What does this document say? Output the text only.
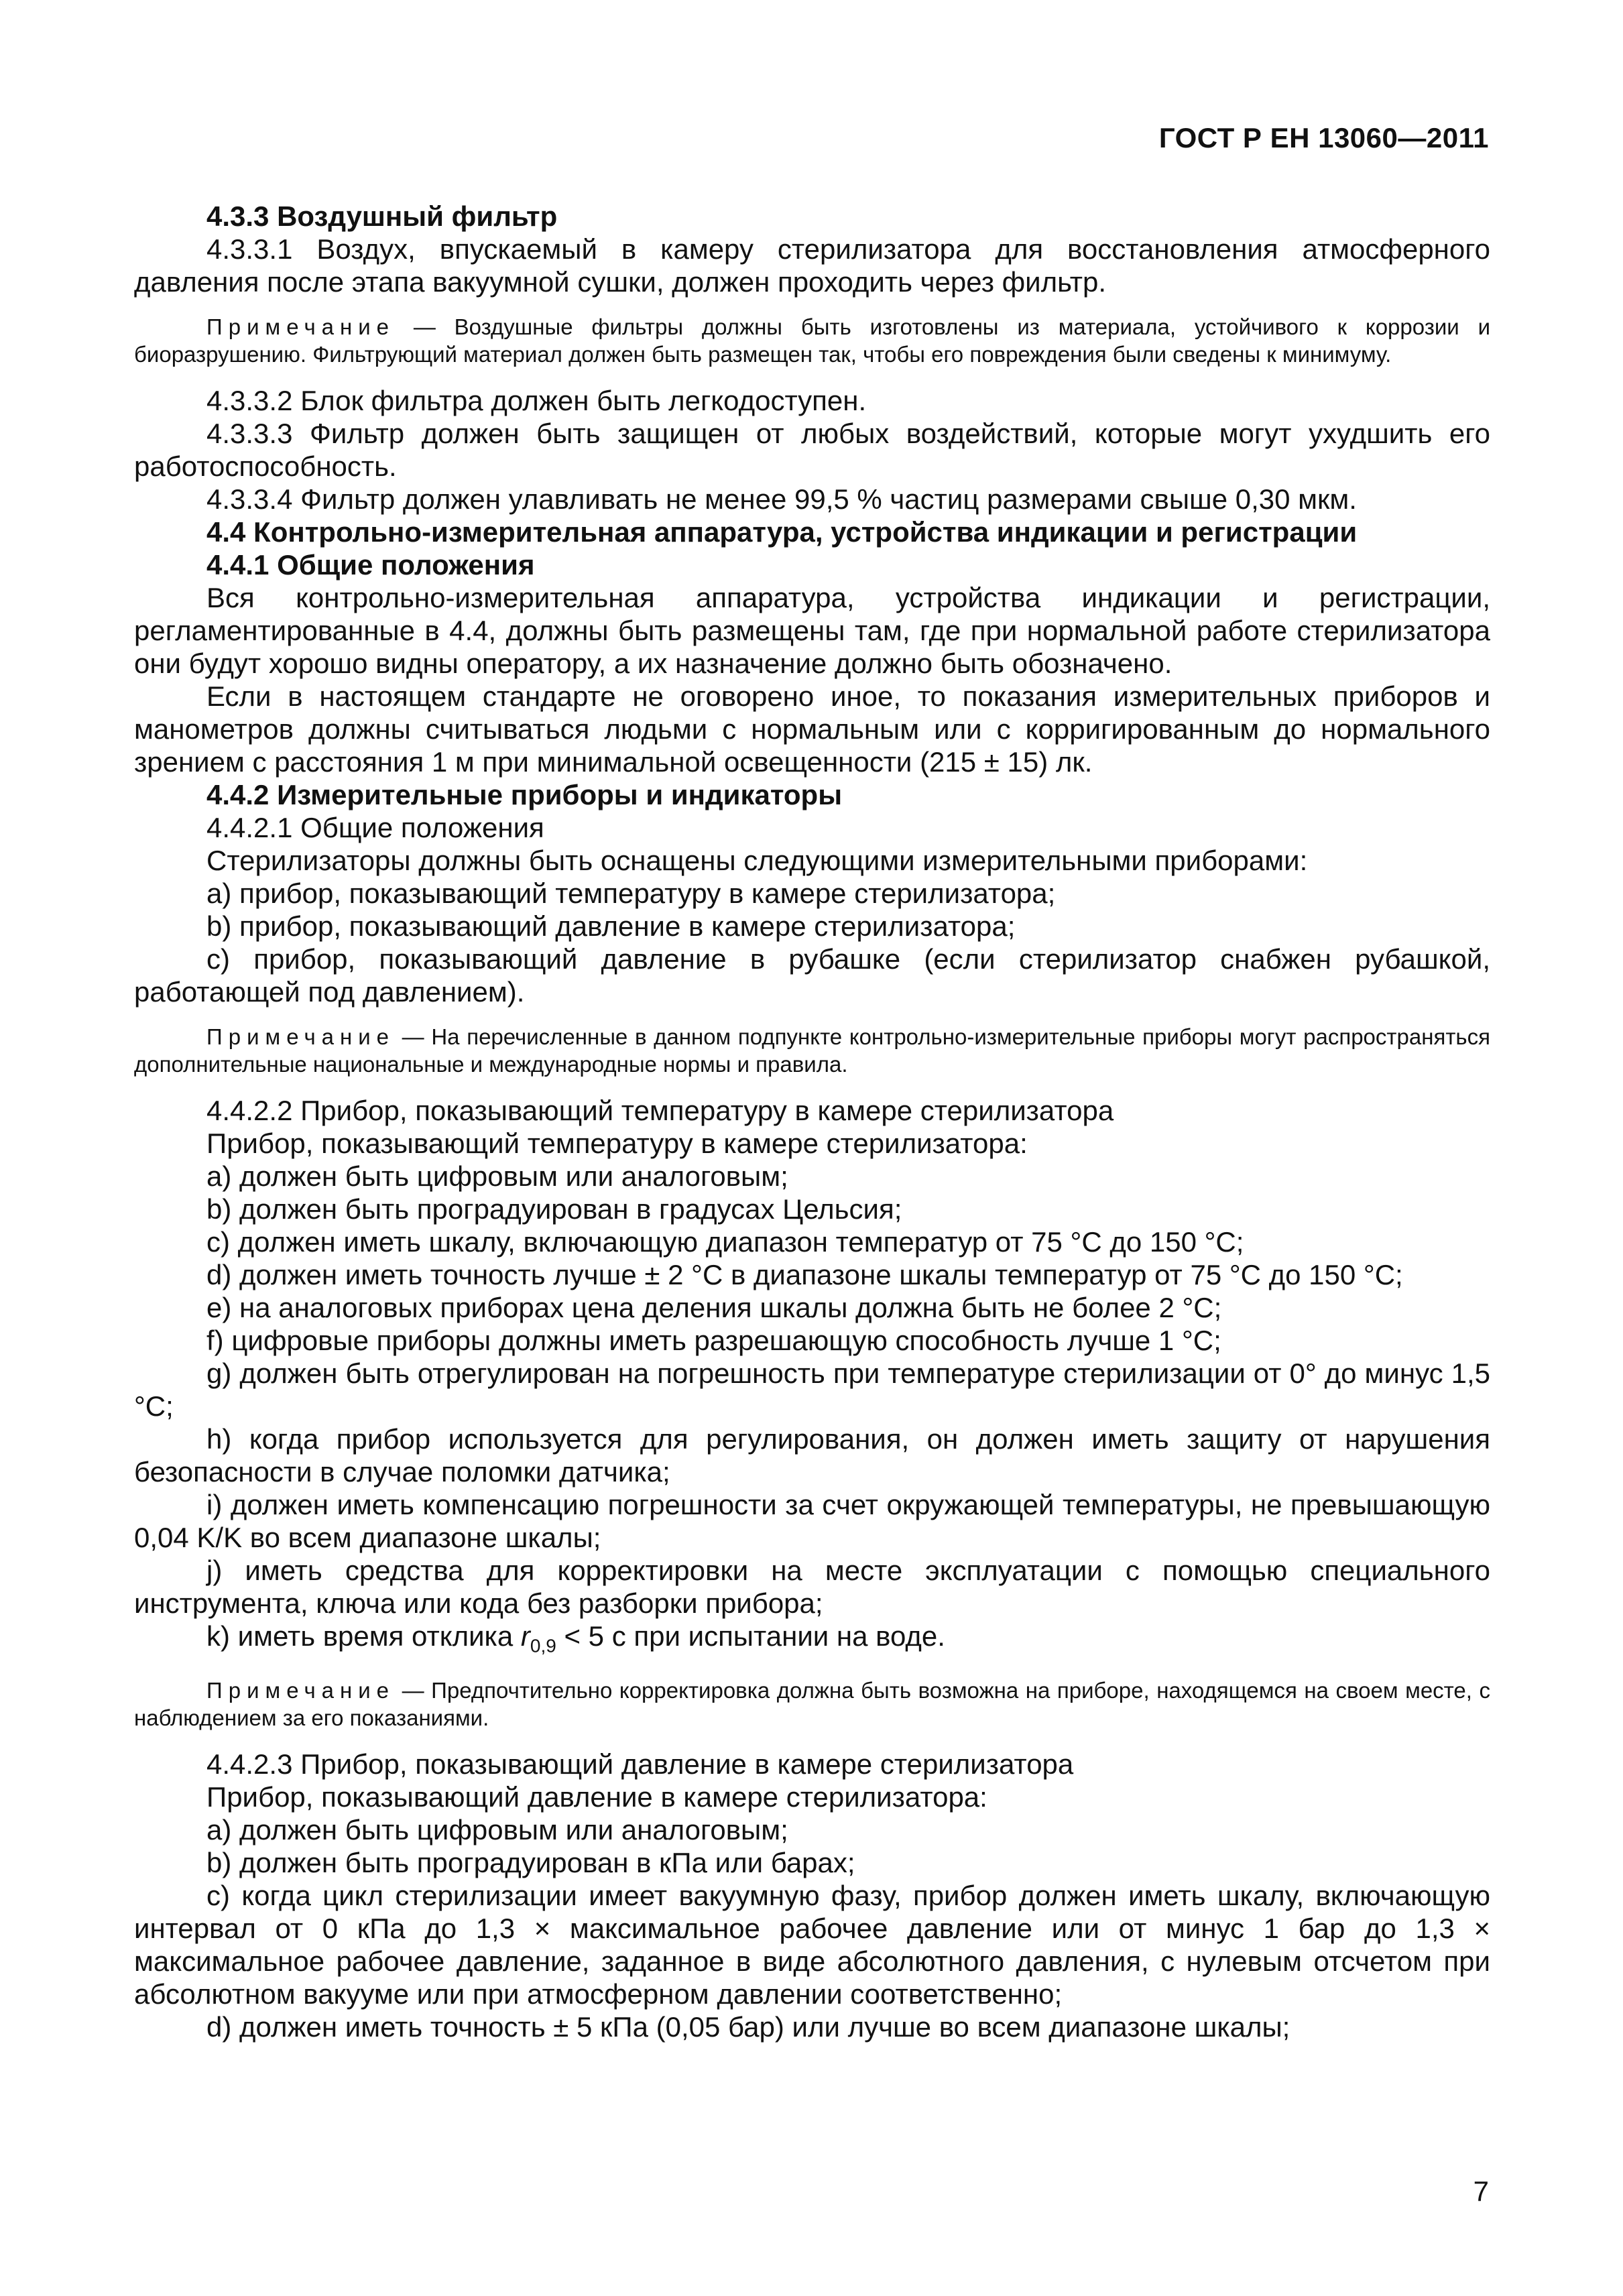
ГОСТ Р ЕН 13060—2011

4.3.3 Воздушный фильтр

4.3.3.1 Воздух, впускаемый в камеру стерилизатора для восстановления атмосферного давления после этапа вакуумной сушки, должен проходить через фильтр.

Примечание — Воздушные фильтры должны быть изготовлены из материала, устойчивого к коррозии и биоразрушению. Фильтрующий материал должен быть размещен так, чтобы его повреждения были сведены к минимуму.

4.3.3.2 Блок фильтра должен быть легкодоступен.

4.3.3.3 Фильтр должен быть защищен от любых воздействий, которые могут ухудшить его работоспособность.

4.3.3.4 Фильтр должен улавливать не менее 99,5 % частиц размерами свыше 0,30 мкм.

4.4 Контрольно-измерительная аппаратура, устройства индикации и регистрации

4.4.1 Общие положения

Вся контрольно-измерительная аппаратура, устройства индикации и регистрации, регламентированные в 4.4, должны быть размещены там, где при нормальной работе стерилизатора они будут хорошо видны оператору, а их назначение должно быть обозначено.

Если в настоящем стандарте не оговорено иное, то показания измерительных приборов и манометров должны считываться людьми с нормальным или с корригированным до нормального зрением с расстояния 1 м при минимальной освещенности (215 ± 15) лк.

4.4.2 Измерительные приборы и индикаторы

4.4.2.1 Общие положения

Стерилизаторы должны быть оснащены следующими измерительными приборами:

a) прибор, показывающий температуру в камере стерилизатора;

b) прибор, показывающий давление в камере стерилизатора;

c) прибор, показывающий давление в рубашке (если стерилизатор снабжен рубашкой, работающей под давлением).

Примечание — На перечисленные в данном подпункте контрольно-измерительные приборы могут распространяться дополнительные национальные и международные нормы и правила.

4.4.2.2 Прибор, показывающий температуру в камере стерилизатора

Прибор, показывающий температуру в камере стерилизатора:

a) должен быть цифровым или аналоговым;

b) должен быть проградуирован в градусах Цельсия;

c) должен иметь шкалу, включающую диапазон температур от 75 °С до 150 °С;

d) должен иметь точность лучше ± 2 °С в диапазоне шкалы температур от 75 °С до 150 °С;

e) на аналоговых приборах цена деления шкалы должна быть не более 2 °С;

f) цифровые приборы должны иметь разрешающую способность лучше 1 °С;

g) должен быть отрегулирован на погрешность при температуре стерилизации от 0° до минус 1,5 °С;

h) когда прибор используется для регулирования, он должен иметь защиту от нарушения безопасности в случае поломки датчика;

i) должен иметь компенсацию погрешности за счет окружающей температуры, не превышающую 0,04 K/K во всем диапазоне шкалы;

j) иметь средства для корректировки на месте эксплуатации с помощью специального инструмента, ключа или кода без разборки прибора;

k) иметь время отклика $r_{0,9} < 5$ с при испытании на воде.

Примечание — Предпочтительно корректировка должна быть возможна на приборе, находящемся на своем месте, с наблюдением за его показаниями.

4.4.2.3 Прибор, показывающий давление в камере стерилизатора

Прибор, показывающий давление в камере стерилизатора:

a) должен быть цифровым или аналоговым;

b) должен быть проградуирован в кПа или барах;

c) когда цикл стерилизации имеет вакуумную фазу, прибор должен иметь шкалу, включающую интервал от 0 кПа до 1,3 × максимальное рабочее давление или от минус 1 бар до 1,3 × максимальное рабочее давление, заданное в виде абсолютного давления, с нулевым отсчетом при абсолютном вакууме или при атмосферном давлении соответственно;

d) должен иметь точность ± 5 кПа (0,05 бар) или лучше во всем диапазоне шкалы;

7
